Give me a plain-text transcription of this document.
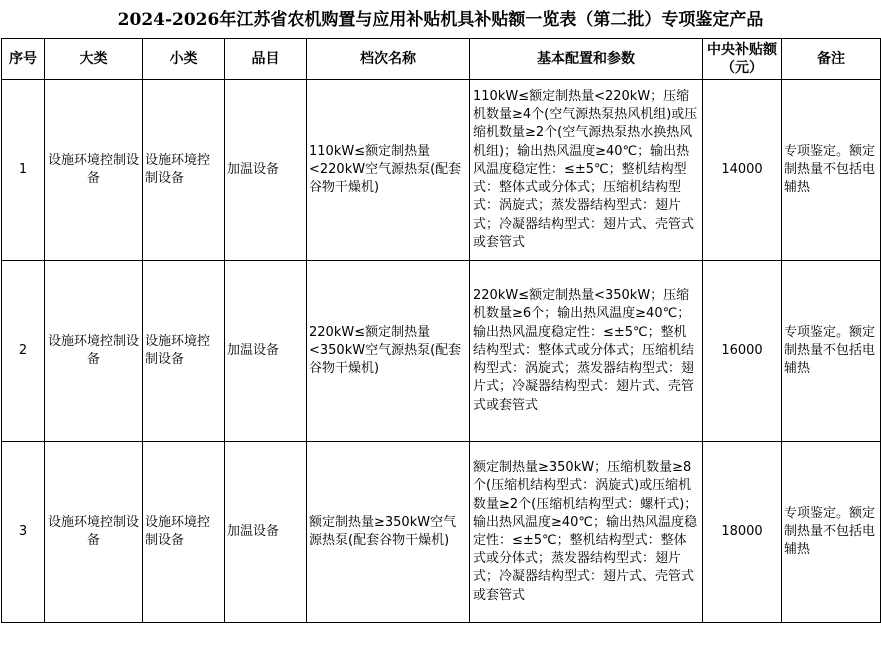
2024-2026年江苏省农机购置与应用补贴机具补贴额一览表（第二批）专项鉴定产品
序号	大类	小类	品目	档次名称	基本配置和参数	中央补贴额（元）	备注
1	设施环境控制设备	设施环境控制设备	加温设备	110kW≤额定制热量<220kW空气源热泵(配套谷物干燥机)	110kW≤额定制热量<220kW；压缩机数量≥4个(空气源热泵热风机组)或压缩机数量≥2个(空气源热泵热水换热风机组)；输出热风温度≥40℃；输出热风温度稳定性：≤±5℃；整机结构型式：整体式或分体式；压缩机结构型式：涡旋式；蒸发器结构型式：翅片式；冷凝器结构型式：翅片式、壳管式或套管式	14000	专项鉴定。额定制热量不包括电辅热
2	设施环境控制设备	设施环境控制设备	加温设备	220kW≤额定制热量<350kW空气源热泵(配套谷物干燥机)	220kW≤额定制热量<350kW；压缩机数量≥6个；输出热风温度≥40℃；输出热风温度稳定性：≤±5℃；整机结构型式：整体式或分体式；压缩机结构型式：涡旋式；蒸发器结构型式：翅片式；冷凝器结构型式：翅片式、壳管式或套管式	16000	专项鉴定。额定制热量不包括电辅热
3	设施环境控制设备	设施环境控制设备	加温设备	额定制热量≥350kW空气源热泵(配套谷物干燥机)	额定制热量≥350kW；压缩机数量≥8个(压缩机结构型式：涡旋式)或压缩机数量≥2个(压缩机结构型式：螺杆式)；输出热风温度≥40℃；输出热风温度稳定性：≤±5℃；整机结构型式：整体式或分体式；蒸发器结构型式：翅片式；冷凝器结构型式：翅片式、壳管式或套管式	18000	专项鉴定。额定制热量不包括电辅热
